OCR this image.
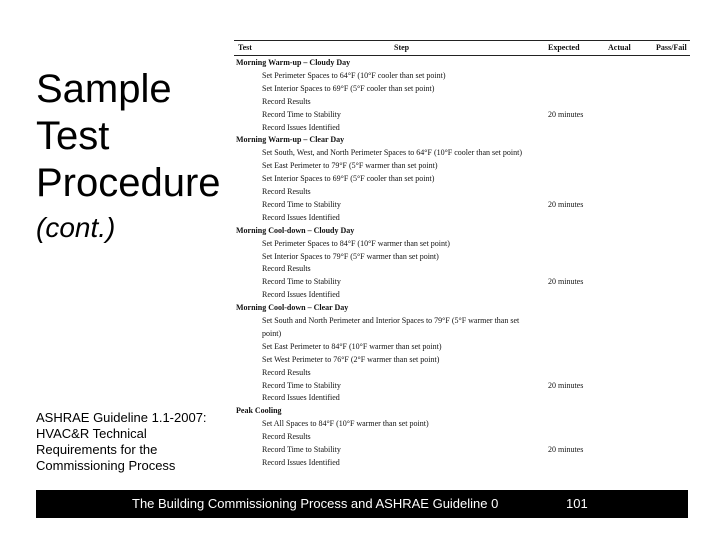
Sample
Test
Procedure
(cont.)
ASHRAE Guideline 1.1-2007:
HVAC&R Technical
Requirements for the
Commissioning Process
Test	Step	Expected	Actual	Pass/Fail
Morning Warm-up – Cloudy Day
Set Perimeter Spaces to 64°F (10°F cooler than set point)
Set Interior Spaces to 69°F (5°F cooler than set point)
Record Results
Record Time to Stability	20 minutes
Record Issues Identified
Morning Warm-up – Clear Day
Set South, West, and North Perimeter Spaces to 64°F (10°F cooler than set point)
Set East Perimeter to 79°F (5°F warmer than set point)
Set Interior Spaces to 69°F (5°F cooler than set point)
Record Results
Record Time to Stability	20 minutes
Record Issues Identified
Morning Cool-down – Cloudy Day
Set Perimeter Spaces to 84°F (10°F warmer than set point)
Set Interior Spaces to 79°F (5°F warmer than set point)
Record Results
Record Time to Stability	20 minutes
Record Issues Identified
Morning Cool-down – Clear Day
Set South and North Perimeter and Interior Spaces to 79°F (5°F warmer than set
point)
Set East Perimeter to 84°F (10°F warmer than set point)
Set West Perimeter to 76°F (2°F warmer than set point)
Record Results
Record Time to Stability	20 minutes
Record Issues Identified
Peak Cooling
Set All Spaces to 84°F (10°F warmer than set point)
Record Results
Record Time to Stability	20 minutes
Record Issues Identified
The Building Commissioning Process and ASHRAE Guideline 0	101
